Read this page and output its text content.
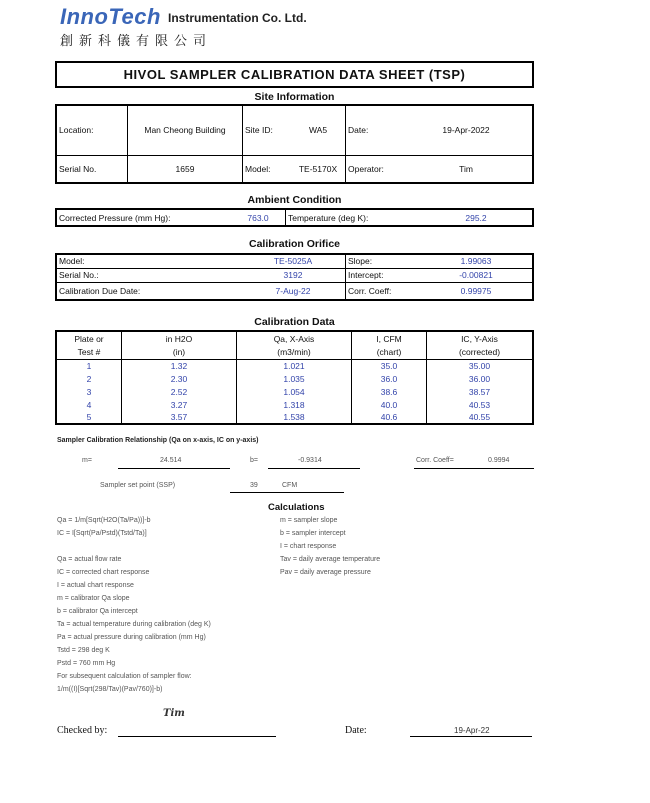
InnoTech Instrumentation Co. Ltd.
創新科儀有限公司
HIVOL SAMPLER CALIBRATION DATA SHEET (TSP)
Site Information
Location:	Man Cheong Building	Site ID:	WA5	Date:	19-Apr-2022
Serial No.	1659	Model:	TE-5170X	Operator:	Tim
Ambient Condition
Corrected Pressure (mm Hg):	763.0	Temperature (deg K):	295.2
Calibration Orifice
Model:	TE-5025A	Slope:	1.99063
Serial No.:	3192	Intercept:	-0.00821
Calibration Due Date:	7-Aug-22	Corr. Coeff:	0.99975
Calibration Data
Plate or	in H2O	Qa, X-Axis	I, CFM	IC, Y-Axis
Test #	(in)	(m3/min)	(chart)	(corrected)
1	1.32	1.021	35.0	35.00
2	2.30	1.035	36.0	36.00
3	2.52	1.054	38.6	38.57
4	3.27	1.318	40.0	40.53
5	3.57	1.538	40.6	40.55
Sampler Calibration Relationship (Qa on x-axis, IC on y-axis)
m=	24.514	b=	-0.9314	Corr. Coeff=	0.9994
Sampler set point (SSP)	39	CFM
Calculations
Qa = 1/m[Sqrt(H2O(Ta/Pa))]-b
IC = I[Sqrt(Pa/Pstd)(Tstd/Ta)]
Qa = actual flow rate
IC = corrected chart response
I = actual chart response
m = calibrator Qa slope
b = calibrator Qa intercept
Ta = actual temperature during calibration (deg K)
Pa = actual pressure during calibration (mm Hg)
Tstd = 298 deg K
Pstd = 760 mm Hg
For subsequent calculation of sampler flow:
1/m((I)[Sqrt(298/Tav)(Pav/760)]-b)
m = sampler slope
b = sampler intercept
I = chart response
Tav = daily average temperature
Pav = daily average pressure
Tim
Checked by:	Date:	19-Apr-22
